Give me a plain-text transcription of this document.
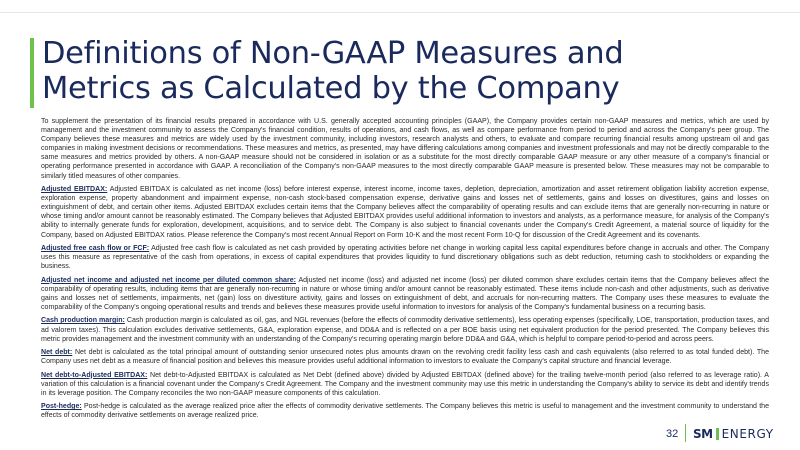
Definitions of Non-GAAP Measures and
Metrics as Calculated by the Company

To supplement the presentation of its financial results prepared in accordance with U.S. generally accepted accounting principles (GAAP), the Company provides certain non-GAAP measures and metrics, which are used by management and the investment community to assess the Company's financial condition, results of operations, and cash flows, as well as compare performance from period to period and across the Company's peer group. The Company believes these measures and metrics are widely used by the investment community, including investors, research analysts and others, to evaluate and compare recurring financial results among upstream oil and gas companies in making investment decisions or recommendations. These measures and metrics, as presented, may have differing calculations among companies and investment professionals and may not be directly comparable to the same measures and metrics provided by others. A non-GAAP measure should not be considered in isolation or as a substitute for the most directly comparable GAAP measure or any other measure of a company's financial or operating performance presented in accordance with GAAP. A reconciliation of the Company's non-GAAP measures to the most directly comparable GAAP measure is presented below. These measures may not be comparable to similarly titled measures of other companies.

Adjusted EBITDAX: Adjusted EBITDAX is calculated as net income (loss) before interest expense, interest income, income taxes, depletion, depreciation, amortization and asset retirement obligation liability accretion expense, exploration expense, property abandonment and impairment expense, non-cash stock-based compensation expense, derivative gains and losses net of settlements, gains and losses on divestitures, gains and losses on extinguishment of debt, and certain other items. Adjusted EBITDAX excludes certain items that the Company believes affect the comparability of operating results and can exclude items that are generally non-recurring in nature or whose timing and/or amount cannot be reasonably estimated. The Company believes that Adjusted EBITDAX provides useful additional information to investors and analysts, as a performance measure, for analysis of the Company's ability to internally generate funds for exploration, development, acquisitions, and to service debt. The Company is also subject to financial covenants under the Company's Credit Agreement, a material source of liquidity for the Company, based on Adjusted EBITDAX ratios. Please reference the Company's most recent Annual Report on Form 10-K and the most recent Form 10-Q for discussion of the Credit Agreement and its covenants.

Adjusted free cash flow or FCF: Adjusted free cash flow is calculated as net cash provided by operating activities before net change in working capital less capital expenditures before change in accruals and other. The Company uses this measure as representative of the cash from operations, in excess of capital expenditures that provides liquidity to fund discretionary obligations such as debt reduction, returning cash to stockholders or expanding the business.

Adjusted net income and adjusted net income per diluted common share: Adjusted net income (loss) and adjusted net income (loss) per diluted common share excludes certain items that the Company believes affect the comparability of operating results, including items that are generally non-recurring in nature or whose timing and/or amount cannot be reasonably estimated. These items include non-cash and other adjustments, such as derivative gains and losses net of settlements, impairments, net (gain) loss on divestiture activity, gains and losses on extinguishment of debt, and accruals for non-recurring matters. The Company uses these measures to evaluate the comparability of the Company's ongoing operational results and trends and believes these measures provide useful information to investors for analysis of the Company's fundamental business on a recurring basis.

Cash production margin: Cash production margin is calculated as oil, gas, and NGL revenues (before the effects of commodity derivative settlements), less operating expenses (specifically, LOE, transportation, production taxes, and ad valorem taxes). This calculation excludes derivative settlements, G&A, exploration expense, and DD&A and is reflected on a per BOE basis using net equivalent production for the period presented. The Company believes this metric provides management and the investment community with an understanding of the Company's recurring operating margin before DD&A and G&A, which is helpful to compare period-to-period and across peers.

Net debt: Net debt is calculated as the total principal amount of outstanding senior unsecured notes plus amounts drawn on the revolving credit facility less cash and cash equivalents (also referred to as total funded debt). The Company uses net debt as a measure of financial position and believes this measure provides useful additional information to investors to evaluate the Company's capital structure and financial leverage.

Net debt-to-Adjusted EBITDAX: Net debt-to-Adjusted EBITDAX is calculated as Net Debt (defined above) divided by Adjusted EBITDAX (defined above) for the trailing twelve-month period (also referred to as leverage ratio). A variation of this calculation is a financial covenant under the Company's Credit Agreement. The Company and the investment community may use this metric in understanding the Company's ability to service its debt and identify trends in its leverage position. The Company reconciles the two non-GAAP measure components of this calculation.

Post-hedge: Post-hedge is calculated as the average realized price after the effects of commodity derivative settlements. The Company believes this metric is useful to management and the investment community to understand the effects of commodity derivative settlements on average realized price.

32 SM ENERGY
